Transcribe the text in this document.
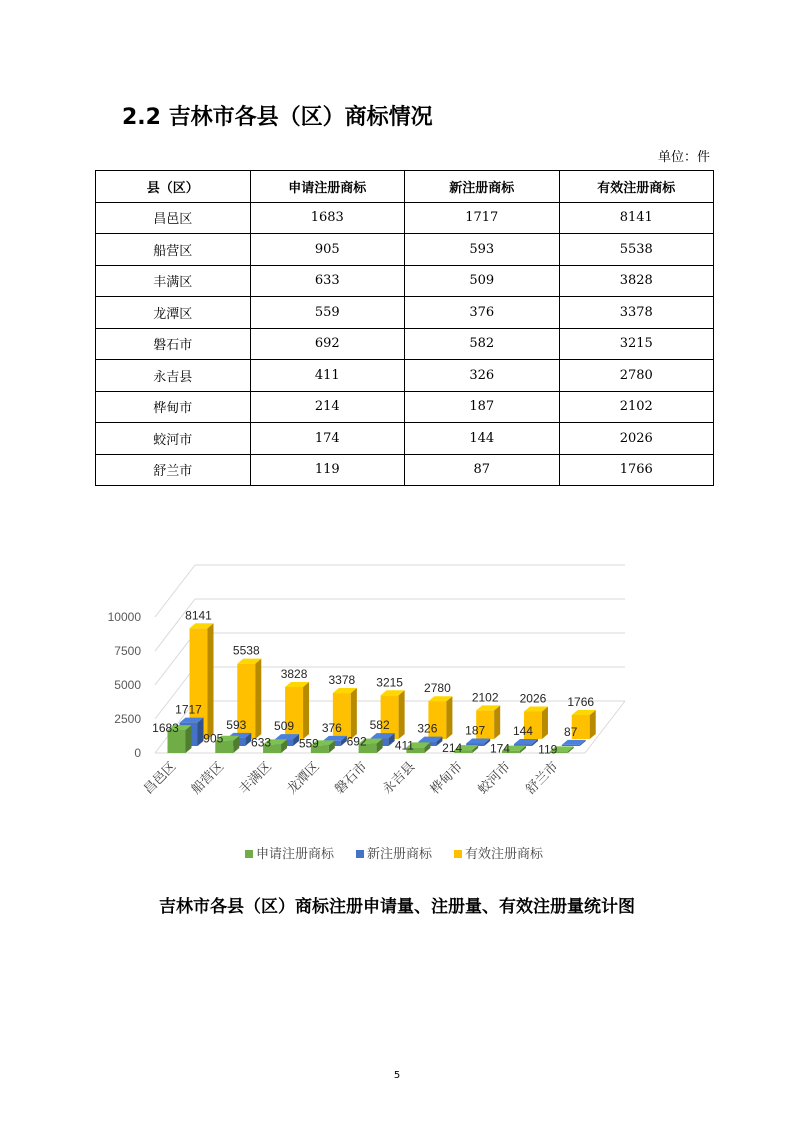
2.2 吉林市各县（区）商标情况
单位：件
县（区）	申请注册商标	新注册商标	有效注册商标
昌邑区	1683	1717	8141
船营区	905	593	5538
丰满区	633	509	3828
龙潭区	559	376	3378
磐石市	692	582	3215
永吉县	411	326	2780
桦甸市	214	187	2102
蛟河市	174	144	2026
舒兰市	119	87	1766
0
2500
5000
7500
10000	8141
5538
3828 3378 3215 2780
2102 2026 1766
1717
593 509 376 582 326 187 144	87
1683
905 633 559 692 411 214 174 119
昌邑区 船营区 丰满区 龙潭区 磐石市 永吉县 桦甸市 蛟河市 舒兰市
申请注册商标	新注册商标	有效注册商标
吉林市各县（区）商标注册申请量、注册量、有效注册量统计图
5
